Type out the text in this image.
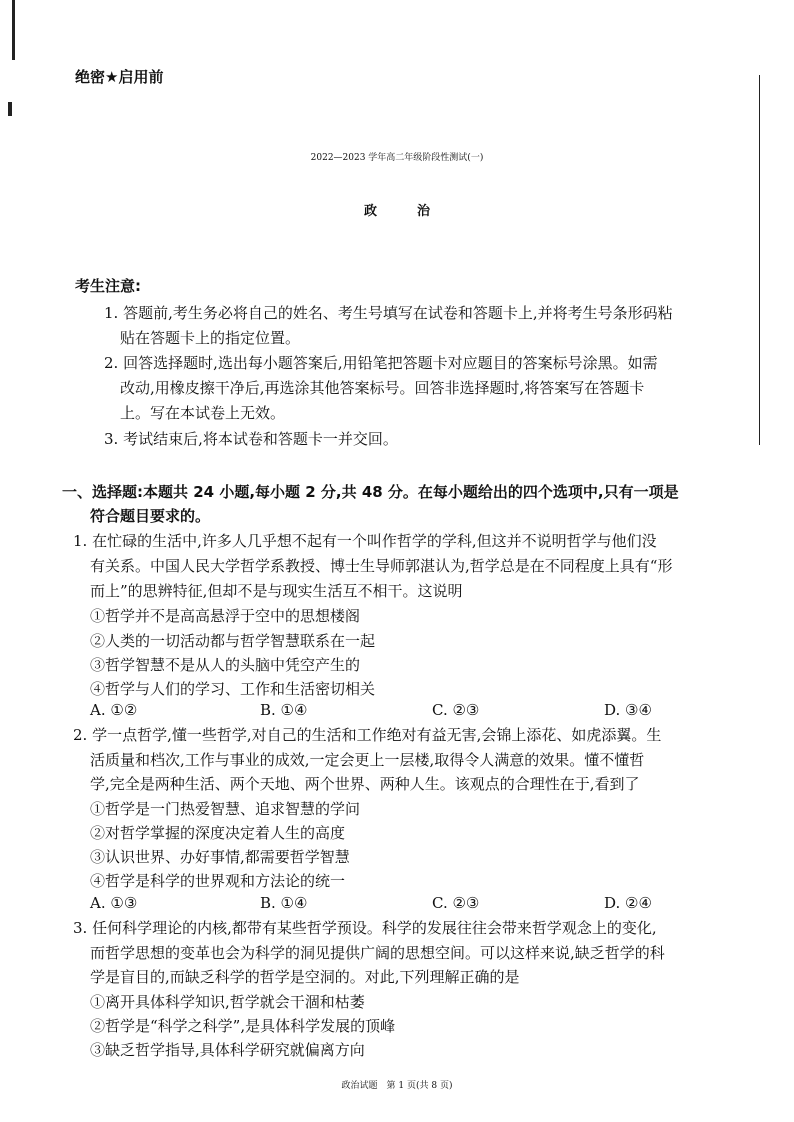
绝密★启用前
2022—2023 学年高二年级阶段性测试(一)
政治
考生注意:
1. 答题前,考生务必将自己的姓名、考生号填写在试卷和答题卡上,并将考生号条形码粘
贴在答题卡上的指定位置。
2. 回答选择题时,选出每小题答案后,用铅笔把答题卡对应题目的答案标号涂黑。如需
改动,用橡皮擦干净后,再选涂其他答案标号。回答非选择题时,将答案写在答题卡
上。写在本试卷上无效。
3. 考试结束后,将本试卷和答题卡一并交回。
一、选择题:本题共 24 小题,每小题 2 分,共 48 分。在每小题给出的四个选项中,只有一项是
符合题目要求的。
1. 在忙碌的生活中,许多人几乎想不起有一个叫作哲学的学科,但这并不说明哲学与他们没
有关系。中国人民大学哲学系教授、博士生导师郭湛认为,哲学总是在不同程度上具有“形
而上”的思辨特征,但却不是与现实生活互不相干。这说明
①哲学并不是高高悬浮于空中的思想楼阁
②人类的一切活动都与哲学智慧联系在一起
③哲学智慧不是从人的头脑中凭空产生的
④哲学与人们的学习、工作和生活密切相关
A. ①②	B. ①④	C. ②③	D. ③④
2. 学一点哲学,懂一些哲学,对自己的生活和工作绝对有益无害,会锦上添花、如虎添翼。生
活质量和档次,工作与事业的成效,一定会更上一层楼,取得令人满意的效果。懂不懂哲
学,完全是两种生活、两个天地、两个世界、两种人生。该观点的合理性在于,看到了
①哲学是一门热爱智慧、追求智慧的学问
②对哲学掌握的深度决定着人生的高度
③认识世界、办好事情,都需要哲学智慧
④哲学是科学的世界观和方法论的统一
A. ①③	B. ①④	C. ②③	D. ②④
3. 任何科学理论的内核,都带有某些哲学预设。科学的发展往往会带来哲学观念上的变化,
而哲学思想的变革也会为科学的洞见提供广阔的思想空间。可以这样来说,缺乏哲学的科
学是盲目的,而缺乏科学的哲学是空洞的。对此,下列理解正确的是
①离开具体科学知识,哲学就会干涸和枯萎
②哲学是“科学之科学”,是具体科学发展的顶峰
③缺乏哲学指导,具体科学研究就偏离方向
政治试题　第 1 页(共 8 页)
